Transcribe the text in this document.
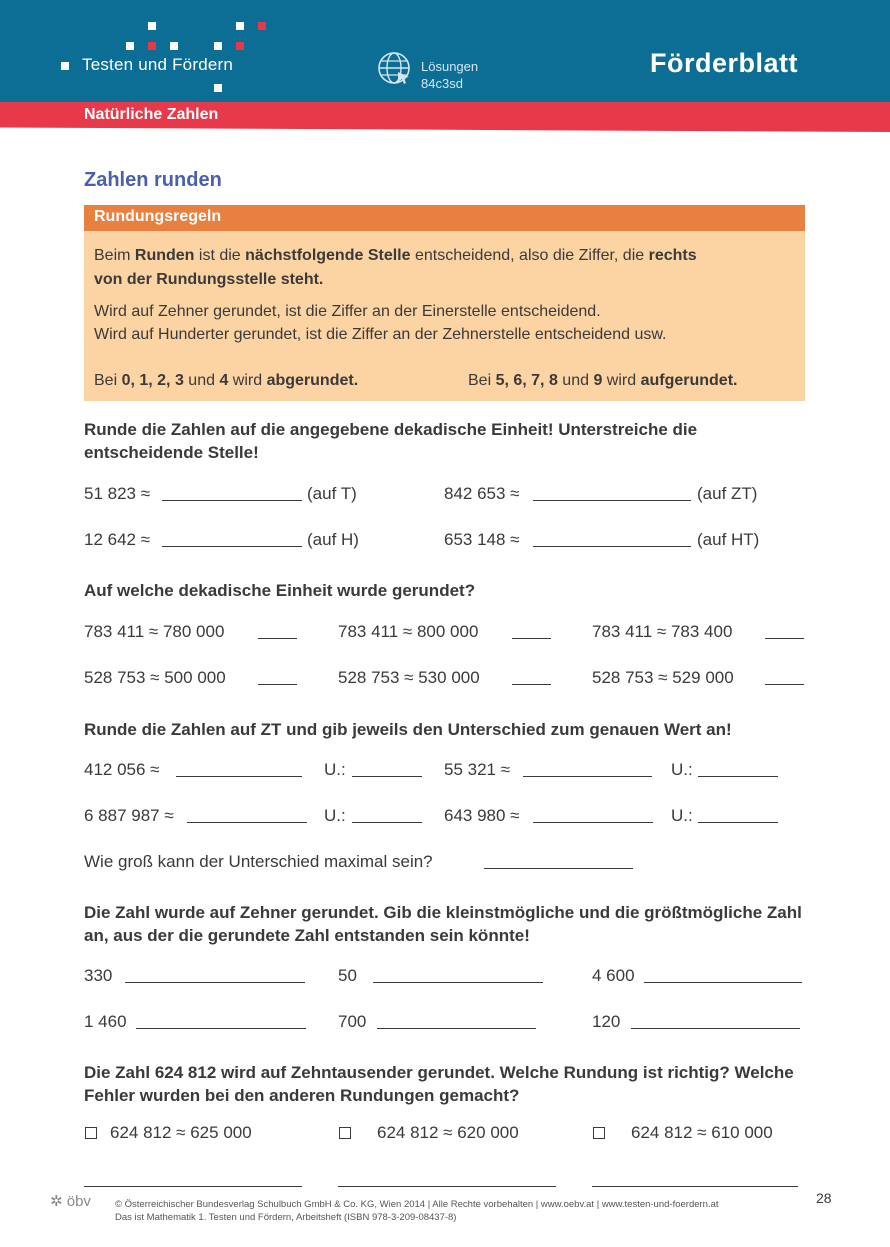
Testen und Fördern	Lösungen
84c3sd
Förderblatt
Natürliche Zahlen
Zahlen runden
Rundungsregeln
Beim Runden ist die nächstfolgende Stelle entscheidend, also die Ziffer, die rechts
von der Rundungsstelle steht.
Wird auf Zehner gerundet, ist die Ziffer an der Einerstelle entscheidend.
Wird auf Hunderter gerundet, ist die Ziffer an der Zehnerstelle entscheidend usw.
Bei 0, 1, 2, 3 und 4 wird abgerundet.	Bei 5, 6, 7, 8 und 9 wird aufgerundet.
Runde die Zahlen auf die angegebene dekadische Einheit! Unterstreiche die entscheidende Stelle!
51 823 ≈	(auf T)	842 653 ≈	(auf ZT)
12 642 ≈	(auf H)	653 148 ≈	(auf HT)
Auf welche dekadische Einheit wurde gerundet?
783 411 ≈ 780 000	783 411 ≈ 800 000	783 411 ≈ 783 400
528 753 ≈ 500 000	528 753 ≈ 530 000	528 753 ≈ 529 000
Runde die Zahlen auf ZT und gib jeweils den Unterschied zum genauen Wert an!
412 056 ≈	U.:	55 321 ≈	U.:
6 887 987 ≈	U.:	643 980 ≈	U.:
Wie groß kann der Unterschied maximal sein?
Die Zahl wurde auf Zehner gerundet. Gib die kleinstmögliche und die größtmögliche Zahl an, aus der die gerundete Zahl entstanden sein könnte!
330	50	4 600
1 460	700	120
Die Zahl 624 812 wird auf Zehntausender gerundet. Welche Rundung ist richtig? Welche Fehler wurden bei den anderen Rundungen gemacht?
624 812 ≈ 625 000	624 812 ≈ 620 000	624 812 ≈ 610 000
✲ öbv	© Österreichischer Bundesverlag Schulbuch GmbH & Co. KG, Wien 2014 | Alle Rechte vorbehalten | www.oebv.at | www.testen-und-foerdern.at
Das ist Mathematik 1. Testen und Fördern, Arbeitsheft (ISBN 978-3-209-08437-8)
28
